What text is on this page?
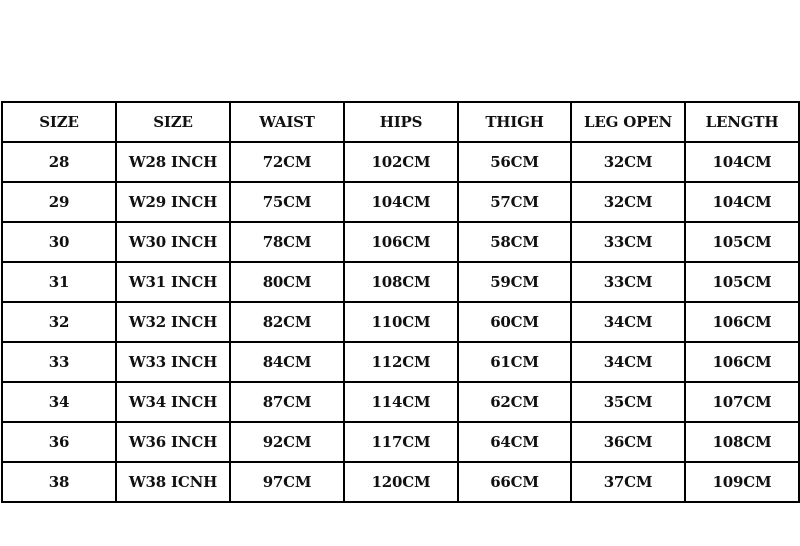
SIZE	SIZE	WAIST	HIPS	THIGH	LEG OPEN	LENGTH
28	W28 INCH	72CM	102CM	56CM	32CM	104CM
29	W29 INCH	75CM	104CM	57CM	32CM	104CM
30	W30 INCH	78CM	106CM	58CM	33CM	105CM
31	W31 INCH	80CM	108CM	59CM	33CM	105CM
32	W32 INCH	82CM	110CM	60CM	34CM	106CM
33	W33 INCH	84CM	112CM	61CM	34CM	106CM
34	W34 INCH	87CM	114CM	62CM	35CM	107CM
36	W36 INCH	92CM	117CM	64CM	36CM	108CM
38	W38 ICNH	97CM	120CM	66CM	37CM	109CM
